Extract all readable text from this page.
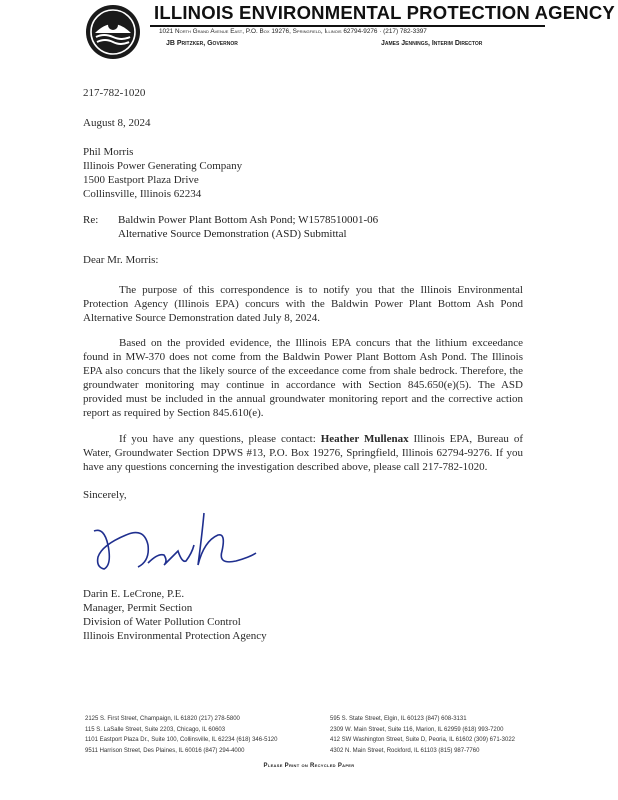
ILLINOIS ENVIRONMENTAL PROTECTION AGENCY
1021 North Grand Avenue East, P.O. Box 19276, Springfield, Illinois 62794-9276 · (217) 782-3397
JB Pritzker, Governor	James Jennings, Interim Director
217-782-1020
August 8, 2024
Phil Morris
Illinois Power Generating Company
1500 Eastport Plaza Drive
Collinsville, Illinois 62234
Re: Baldwin Power Plant Bottom Ash Pond; W1578510001-06
Alternative Source Demonstration (ASD) Submittal
Dear Mr. Morris:
The purpose of this correspondence is to notify you that the Illinois Environmental Protection Agency (Illinois EPA) concurs with the Baldwin Power Plant Bottom Ash Pond Alternative Source Demonstration dated July 8, 2024.
Based on the provided evidence, the Illinois EPA concurs that the lithium exceedance found in MW-370 does not come from the Baldwin Power Plant Bottom Ash Pond. The Illinois EPA also concurs that the likely source of the exceedance come from shale bedrock. Therefore, the groundwater monitoring may continue in accordance with Section 845.650(e)(5). The ASD provided must be included in the annual groundwater monitoring report and the corrective action report as required by Section 845.610(e).
If you have any questions, please contact: Heather Mullenax Illinois EPA, Bureau of Water, Groundwater Section DPWS #13, P.O. Box 19276, Springfield, Illinois 62794-9276. If you have any questions concerning the investigation described above, please call 217-782-1020.
Sincerely,
Darin E. LeCrone, P.E.
Manager, Permit Section
Division of Water Pollution Control
Illinois Environmental Protection Agency
2125 S. First Street, Champaign, IL 61820 (217) 278-5800
115 S. LaSalle Street, Suite 2203, Chicago, IL 60603
1101 Eastport Plaza Dr., Suite 100, Collinsville, IL 62234 (618) 346-5120
9511 Harrison Street, Des Plaines, IL 60016 (847) 294-4000
595 S. State Street, Elgin, IL 60123 (847) 608-3131
2309 W. Main Street, Suite 116, Marion, IL 62959 (618) 993-7200
412 SW Washington Street, Suite D, Peoria, IL 61602 (309) 671-3022
4302 N. Main Street, Rockford, IL 61103 (815) 987-7760
Please Print on Recycled Paper
